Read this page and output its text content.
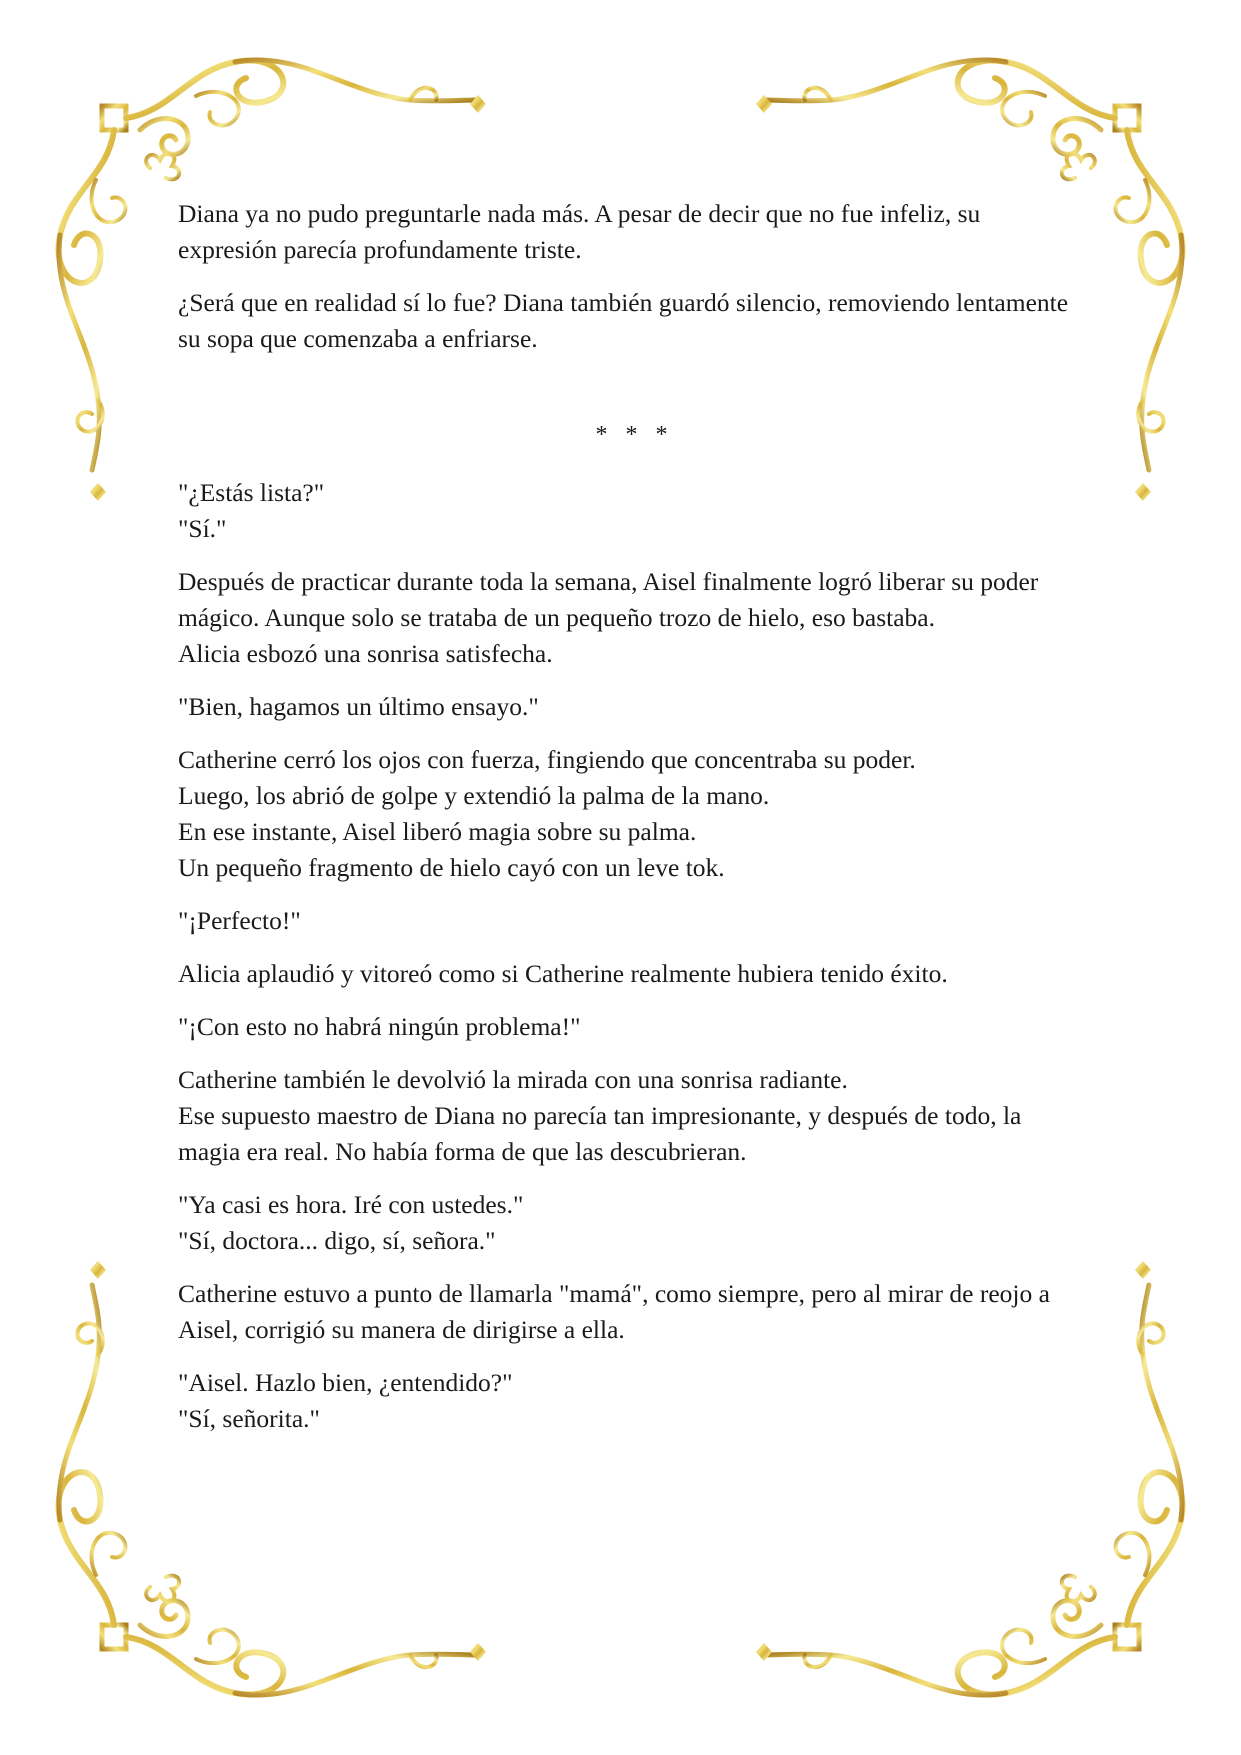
Diana ya no pudo preguntarle nada más. A pesar de decir que no fue infeliz, su expresión parecía profundamente triste.

¿Será que en realidad sí lo fue? Diana también guardó silencio, removiendo lentamente su sopa que comenzaba a enfriarse.

* * *

"¿Estás lista?"
"Sí."

Después de practicar durante toda la semana, Aisel finalmente logró liberar su poder mágico. Aunque solo se trataba de un pequeño trozo de hielo, eso bastaba.
Alicia esbozó una sonrisa satisfecha.

"Bien, hagamos un último ensayo."

Catherine cerró los ojos con fuerza, fingiendo que concentraba su poder.
Luego, los abrió de golpe y extendió la palma de la mano.
En ese instante, Aisel liberó magia sobre su palma.
Un pequeño fragmento de hielo cayó con un leve tok.

"¡Perfecto!"

Alicia aplaudió y vitoreó como si Catherine realmente hubiera tenido éxito.

"¡Con esto no habrá ningún problema!"

Catherine también le devolvió la mirada con una sonrisa radiante.
Ese supuesto maestro de Diana no parecía tan impresionante, y después de todo, la magia era real. No había forma de que las descubrieran.

"Ya casi es hora. Iré con ustedes."
"Sí, doctora... digo, sí, señora."

Catherine estuvo a punto de llamarla "mamá", como siempre, pero al mirar de reojo a Aisel, corrigió su manera de dirigirse a ella.

"Aisel. Hazlo bien, ¿entendido?"
"Sí, señorita."
